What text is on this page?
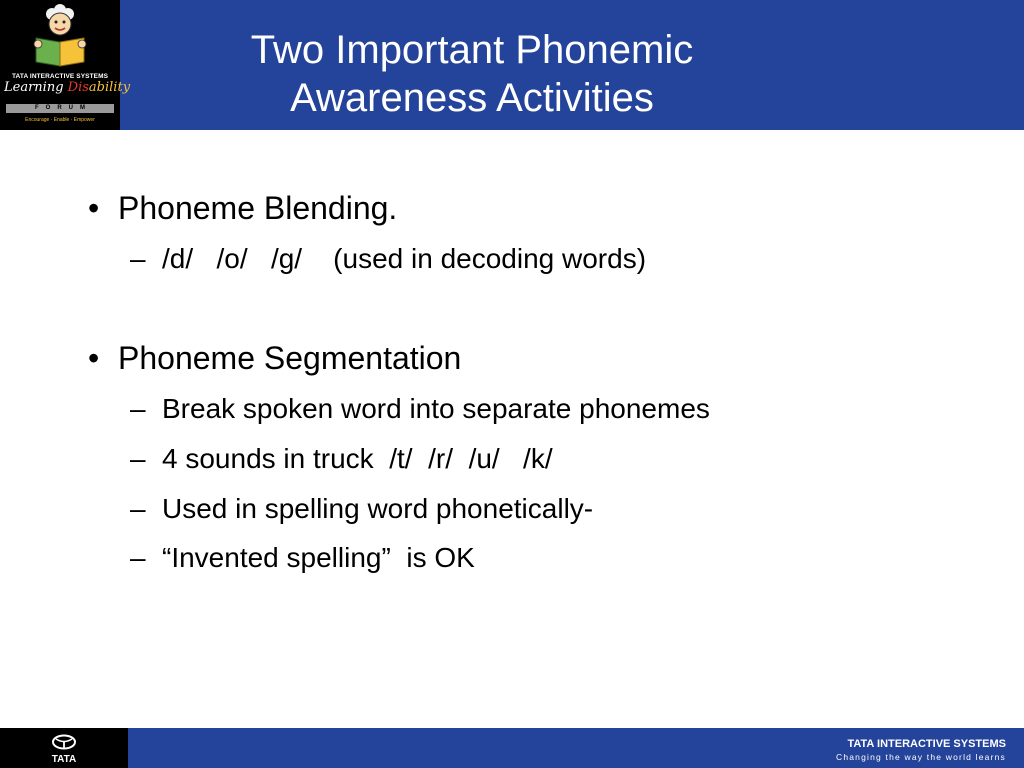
TATA INTERACTIVE SYSTEMS
Learning Disability
FORUM
Encourage · Enable · Empower
Two Important Phonemic
Awareness Activities
• Phoneme Blending.
– /d/   /o/   /g/    (used in decoding words)
• Phoneme Segmentation
– Break spoken word into separate phonemes
– 4 sounds in truck  /t/  /r/  /u/   /k/
– Used in spelling word phonetically-
– “Invented spelling”  is OK
TATA
TATA INTERACTIVE SYSTEMS
Changing the way the world learns
